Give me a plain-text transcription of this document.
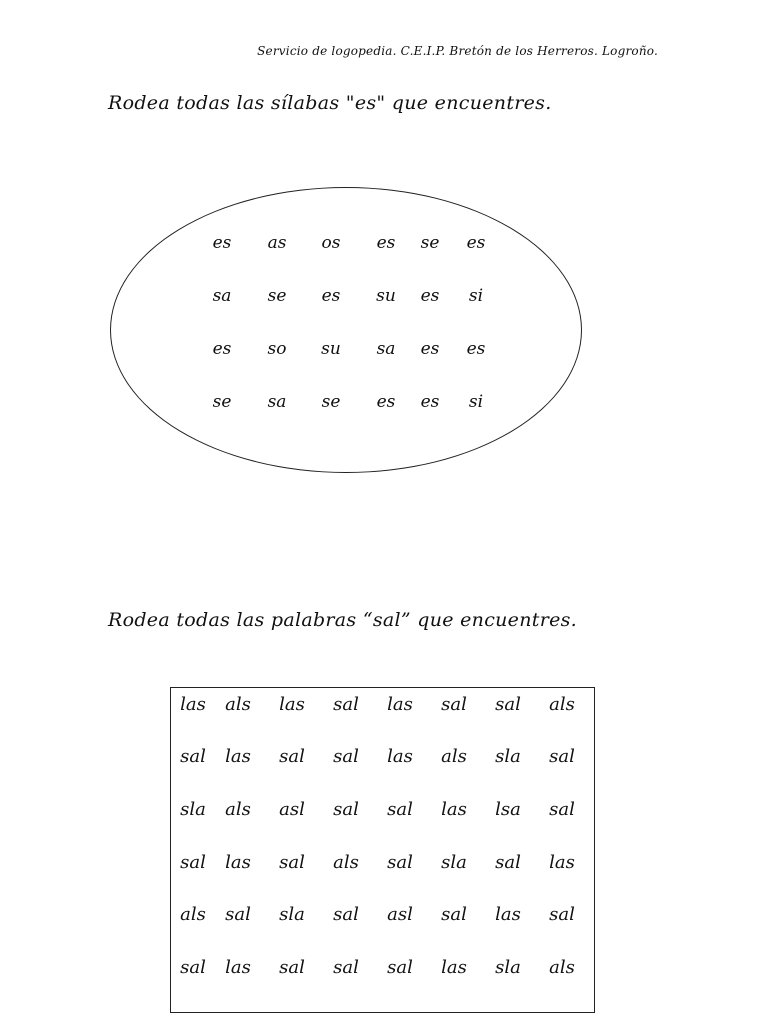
Servicio de logopedia. C.E.I.P. Bretón de los Herreros. Logroño.
Rodea todas las sílabas "es" que encuentres.
es	as	os	es	se	es
sa	se	es	su	es	si
es	so	su	sa	es	es
se	sa	se	es	es	si
Rodea todas las palabras “sal” que encuentres.
las	als	las	sal	las	sal	sal	als
sal	las	sal	sal	las	als	sla	sal
sla	als	asl	sal	sal	las	lsa	sal
sal	las	sal	als	sal	sla	sal	las
als	sal	sla	sal	asl	sal	las	sal
sal	las	sal	sal	sal	las	sla	als
